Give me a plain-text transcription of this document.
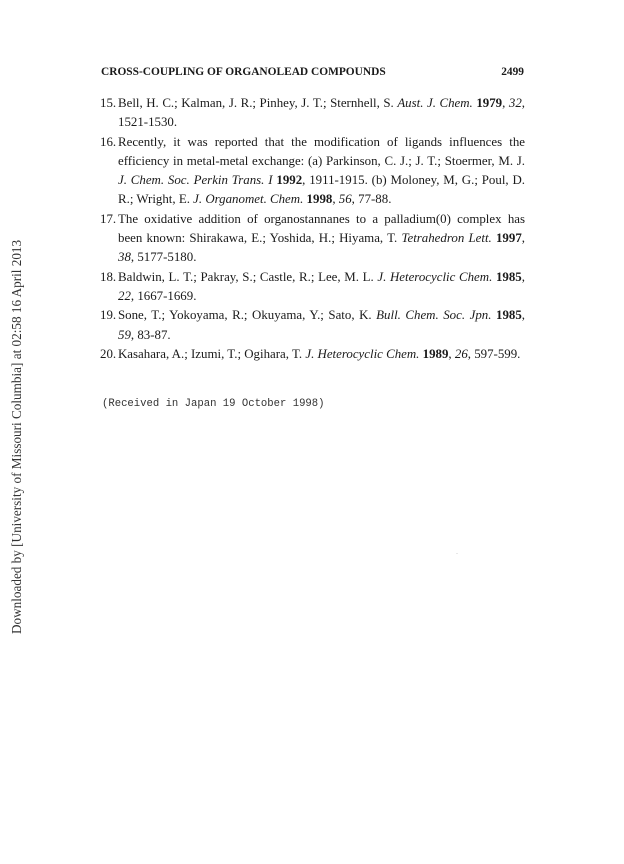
CROSS-COUPLING OF ORGANOLEAD COMPOUNDS	2499
15. Bell, H. C.; Kalman, J. R.; Pinhey, J. T.; Sternhell, S. Aust. J. Chem. 1979, 32, 1521-1530.
16. Recently, it was reported that the modification of ligands influences the efficiency in metal-metal exchange: (a) Parkinson, C. J.; J. T.; Stoermer, M. J. J. Chem. Soc. Perkin Trans. I 1992, 1911-1915. (b) Moloney, M, G.; Poul, D. R.; Wright, E. J. Organomet. Chem. 1998, 56, 77-88.
17. The oxidative addition of organostannanes to a palladium(0) complex has been known: Shirakawa, E.; Yoshida, H.; Hiyama, T. Tetrahedron Lett. 1997, 38, 5177-5180.
18. Baldwin, L. T.; Pakray, S.; Castle, R.; Lee, M. L. J. Heterocyclic Chem. 1985, 22, 1667-1669.
19. Sone, T.; Yokoyama, R.; Okuyama, Y.; Sato, K. Bull. Chem. Soc. Jpn. 1985, 59, 83-87.
20. Kasahara, A.; Izumi, T.; Ogihara, T. J. Heterocyclic Chem. 1989, 26, 597-599.
(Received in Japan 19 October 1998)
Downloaded by [University of Missouri Columbia] at 02:58 16 April 2013
